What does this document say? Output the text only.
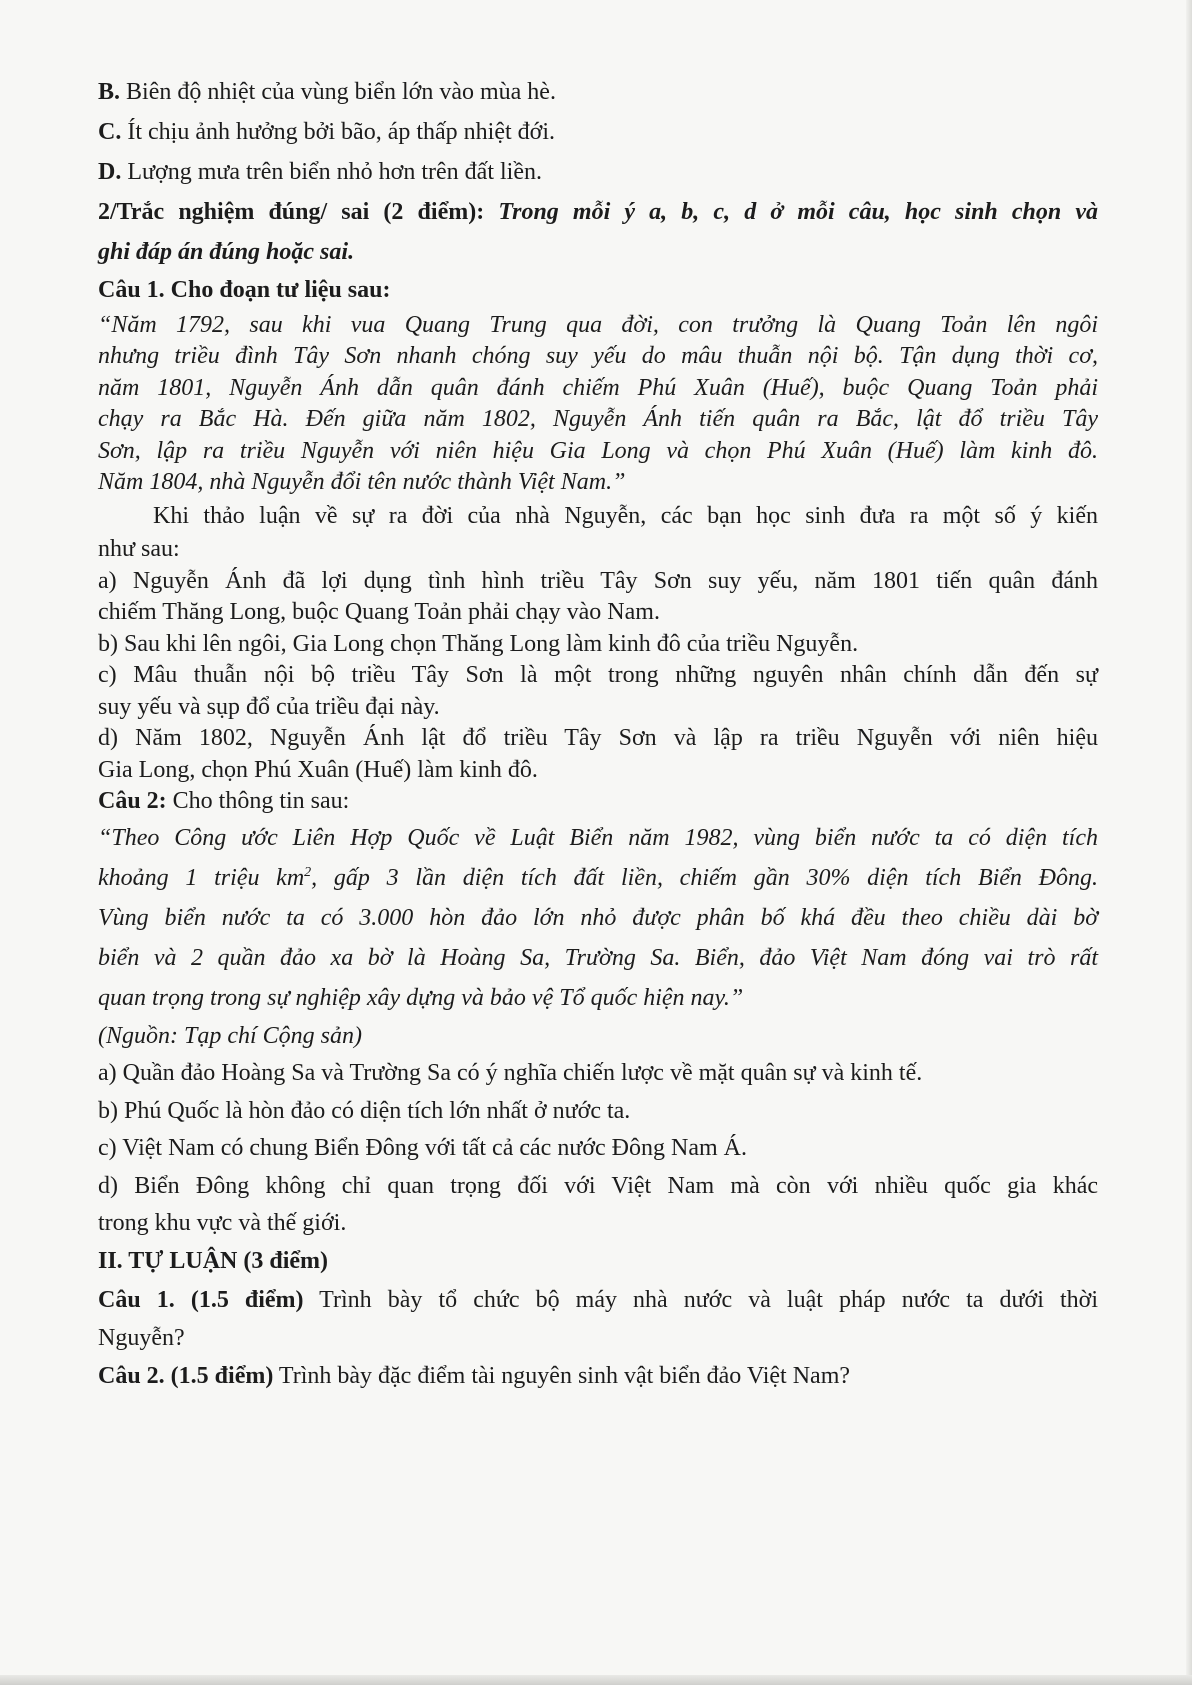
B. Biên độ nhiệt của vùng biển lớn vào mùa hè.

C. Ít chịu ảnh hưởng bởi bão, áp thấp nhiệt đới.

D. Lượng mưa trên biển nhỏ hơn trên đất liền.

2/Trắc nghiệm đúng/ sai (2 điểm): Trong mỗi ý a, b, c, d ở mỗi câu, học sinh chọn và

ghi đáp án đúng hoặc sai.

Câu 1. Cho đoạn tư liệu sau:

“Năm 1792, sau khi vua Quang Trung qua đời, con trưởng là Quang Toản lên ngôi

nhưng triều đình Tây Sơn nhanh chóng suy yếu do mâu thuẫn nội bộ. Tận dụng thời cơ,

năm 1801, Nguyễn Ánh dẫn quân đánh chiếm Phú Xuân (Huế), buộc Quang Toản phải

chạy ra Bắc Hà. Đến giữa năm 1802, Nguyễn Ánh tiến quân ra Bắc, lật đổ triều Tây

Sơn, lập ra triều Nguyễn với niên hiệu Gia Long và chọn Phú Xuân (Huế) làm kinh đô.

Năm 1804, nhà Nguyễn đổi tên nước thành Việt Nam.”

Khi thảo luận về sự ra đời của nhà Nguyễn, các bạn học sinh đưa ra một số ý kiến

như sau:

a) Nguyễn Ánh đã lợi dụng tình hình triều Tây Sơn suy yếu, năm 1801 tiến quân đánh

chiếm Thăng Long, buộc Quang Toản phải chạy vào Nam.

b) Sau khi lên ngôi, Gia Long chọn Thăng Long làm kinh đô của triều Nguyễn.

c) Mâu thuẫn nội bộ triều Tây Sơn là một trong những nguyên nhân chính dẫn đến sự

suy yếu và sụp đổ của triều đại này.

d) Năm 1802, Nguyễn Ánh lật đổ triều Tây Sơn và lập ra triều Nguyễn với niên hiệu

Gia Long, chọn Phú Xuân (Huế) làm kinh đô.

Câu 2: Cho thông tin sau:

“Theo Công ước Liên Hợp Quốc về Luật Biển năm 1982, vùng biển nước ta có diện tích

khoảng 1 triệu $km^2$, gấp 3 lần diện tích đất liền, chiếm gần 30% diện tích Biển Đông.

Vùng biển nước ta có 3.000 hòn đảo lớn nhỏ được phân bố khá đều theo chiều dài bờ

biển và 2 quần đảo xa bờ là Hoàng Sa, Trường Sa. Biển, đảo Việt Nam đóng vai trò rất

quan trọng trong sự nghiệp xây dựng và bảo vệ Tổ quốc hiện nay.”

(Nguồn: Tạp chí Cộng sản)

a) Quần đảo Hoàng Sa và Trường Sa có ý nghĩa chiến lược về mặt quân sự và kinh tế.

b) Phú Quốc là hòn đảo có diện tích lớn nhất ở nước ta.

c) Việt Nam có chung Biển Đông với tất cả các nước Đông Nam Á.

d) Biển Đông không chỉ quan trọng đối với Việt Nam mà còn với nhiều quốc gia khác

trong khu vực và thế giới.

II. TỰ LUẬN (3 điểm)

Câu 1. (1.5 điểm) Trình bày tổ chức bộ máy nhà nước và luật pháp nước ta dưới thời

Nguyễn?

Câu 2. (1.5 điểm) Trình bày đặc điểm tài nguyên sinh vật biển đảo Việt Nam?
